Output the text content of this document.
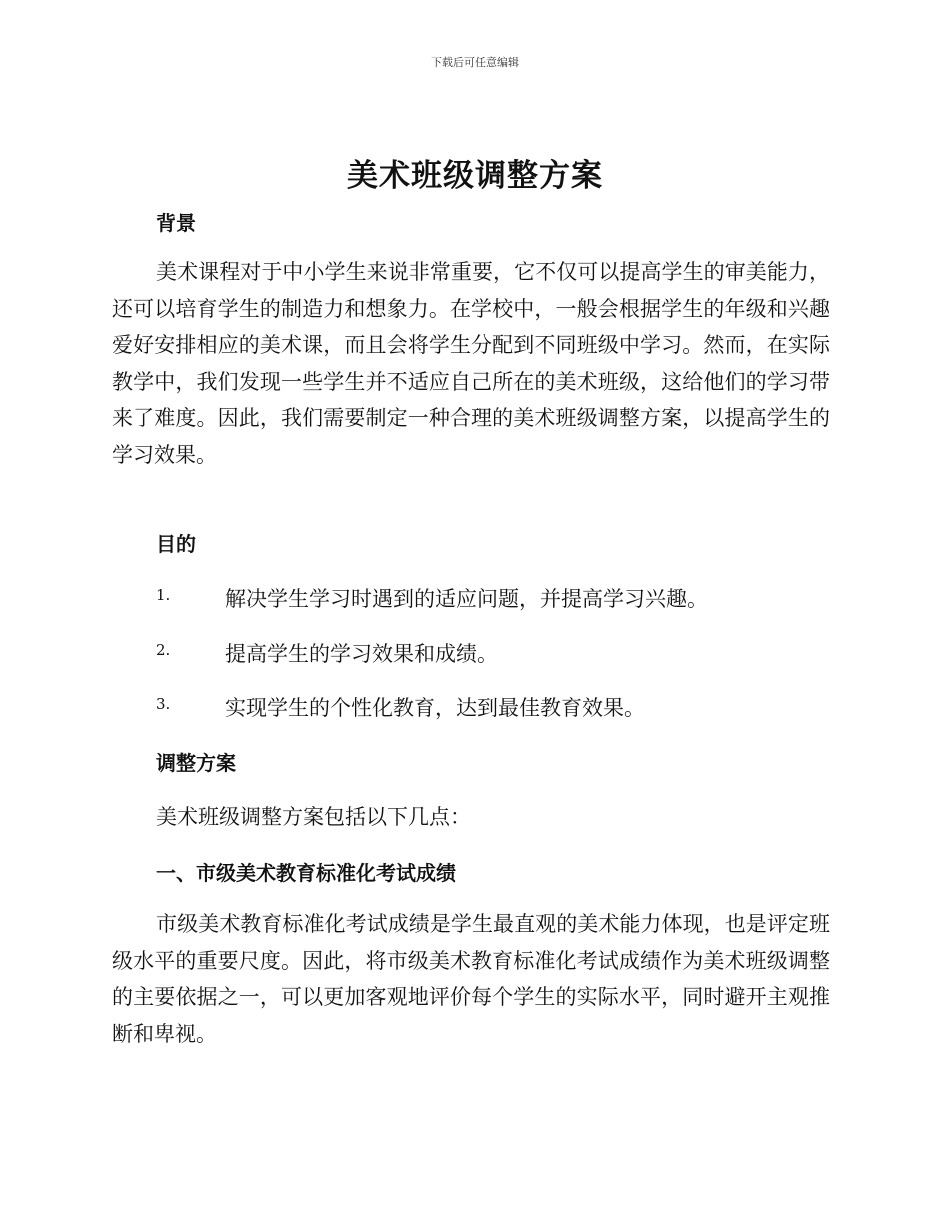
下载后可任意编辑
美术班级调整方案
背景

美术课程对于中小学生来说非常重要，它不仅可以提高学生的审美能力，还可以培育学生的制造力和想象力。在学校中，一般会根据学生的年级和兴趣爱好安排相应的美术课，而且会将学生分配到不同班级中学习。然而，在实际教学中，我们发现一些学生并不适应自己所在的美术班级，这给他们的学习带来了难度。因此，我们需要制定一种合理的美术班级调整方案，以提高学生的学习效果。

目的
1.	解决学生学习时遇到的适应问题，并提高学习兴趣。
2.	提高学生的学习效果和成绩。
3.	实现学生的个性化教育，达到最佳教育效果。
调整方案

美术班级调整方案包括以下几点：

一、市级美术教育标准化考试成绩

市级美术教育标准化考试成绩是学生最直观的美术能力体现，也是评定班级水平的重要尺度。因此，将市级美术教育标准化考试成绩作为美术班级调整的主要依据之一，可以更加客观地评价每个学生的实际水平，同时避开主观推断和卑视。
